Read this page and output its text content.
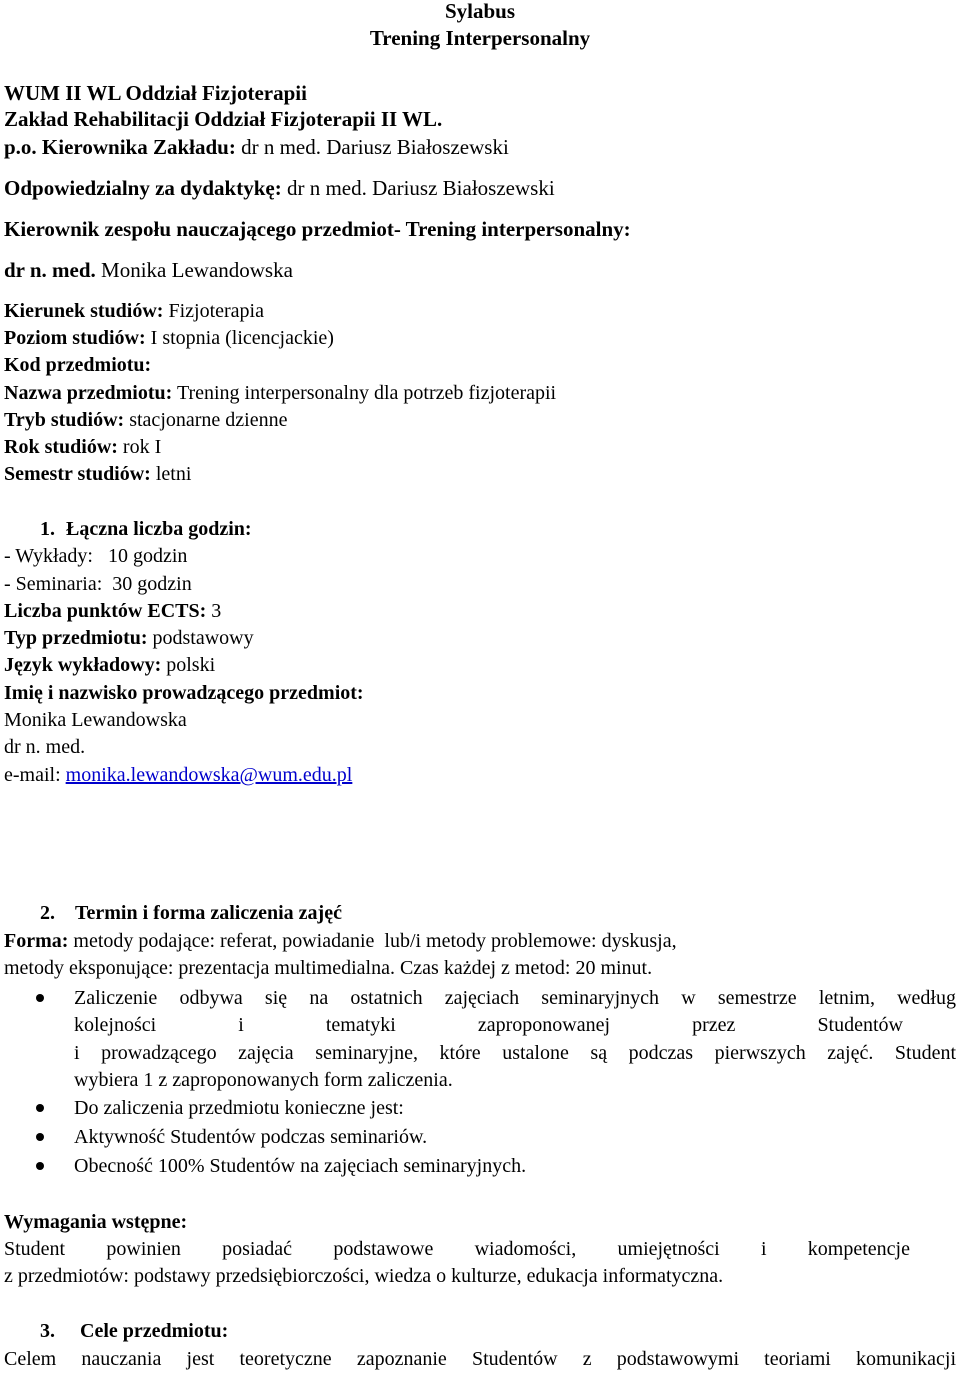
Sylabus
Trening Interpersonalny
WUM II WL Oddział Fizjoterapii
Zakład Rehabilitacji Oddział Fizjoterapii II WL.
p.o. Kierownika Zakładu: dr n med. Dariusz Białoszewski
Odpowiedzialny za dydaktykę: dr n med. Dariusz Białoszewski
Kierownik zespołu nauczającego przedmiot- Trening interpersonalny:
dr n. med. Monika Lewandowska
Kierunek studiów: Fizjoterapia
Poziom studiów: I stopnia (licencjackie)
Kod przedmiotu:
Nazwa przedmiotu: Trening interpersonalny dla potrzeb fizjoterapii
Tryb studiów: stacjonarne dzienne
Rok studiów: rok I
Semestr studiów: letni
1. Łączna liczba godzin:
- Wykłady:   10 godzin
- Seminaria:  30 godzin
Liczba punktów ECTS: 3
Typ przedmiotu: podstawowy
Język wykładowy: polski
Imię i nazwisko prowadzącego przedmiot:
Monika Lewandowska
dr n. med.
e-mail: monika.lewandowska@wum.edu.pl
2. Termin i forma zaliczenia zajęć
Forma: metody podające: referat, powiadanie  lub/i metody problemowe: dyskusja,
metody eksponujące: prezentacja multimedialna. Czas każdej z metod: 20 minut.
Zaliczenie odbywa się na ostatnich zajęciach seminaryjnych w semestrze letnim, według
kolejności i tematyki zaproponowanej przez Studentów
i prowadzącego zajęcia seminaryjne, które ustalone są podczas pierwszych zajęć. Student
wybiera 1 z zaproponowanych form zaliczenia.
Do zaliczenia przedmiotu konieczne jest:
Aktywność Studentów podczas seminariów.
Obecność 100% Studentów na zajęciach seminaryjnych.
Wymagania wstępne:
Student powinien posiadać podstawowe wiadomości, umiejętności i kompetencje
z przedmiotów: podstawy przedsiębiorczości, wiedza o kulturze, edukacja informatyczna.
3. Cele przedmiotu:
Celem nauczania jest teoretyczne zapoznanie Studentów z podstawowymi teoriami komunikacji
